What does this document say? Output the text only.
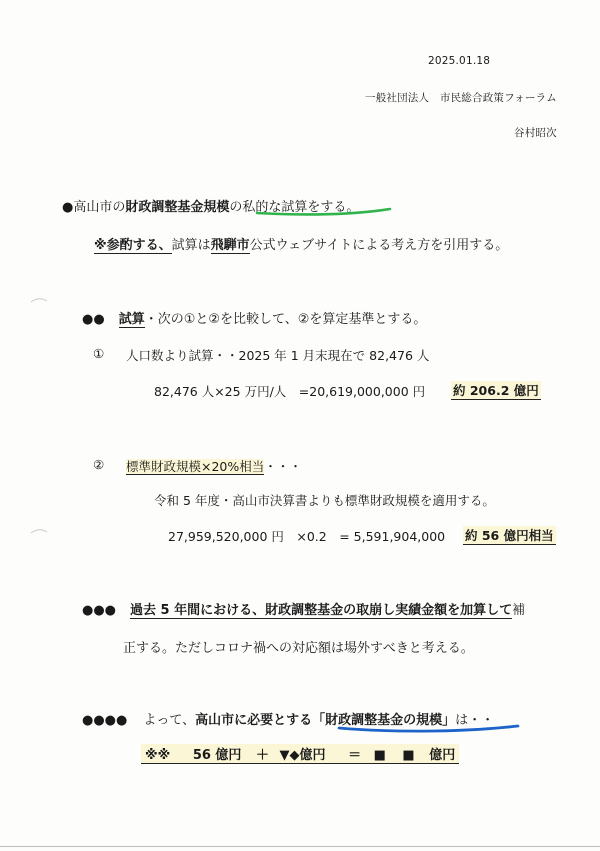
2025.01.18
一般社団法人　市民総合政策フォーラム
谷村昭次
●高山市の財政調整基金規模の私的な試算をする。
※参酌する、試算は飛騨市公式ウェブサイトによる考え方を引用する。
●● 試算・次の①と②を比較して、②を算定基準とする。
① 人口数より試算・・2025 年 1 月末現在で 82,476 人
82,476 人×25 万円/人　=20,619,000,000 円 約 206.2 億円
② 標準財政規模×20%相当・・・
令和 5 年度・高山市決算書よりも標準財政規模を適用する。
27,959,520,000 円　×0.2　= 5,591,904,000 約 56 億円相当
●●● 過去 5 年間における、財政調整基金の取崩し実績金額を加算して補
正する。ただしコロナ禍への対応額は場外すべきと考える。
●●●● よって、高山市に必要とする「財政調整基金の規模」は・・
※※ 56 億円 ＋ ▼◆億円 ＝ ■ ■ 億円
